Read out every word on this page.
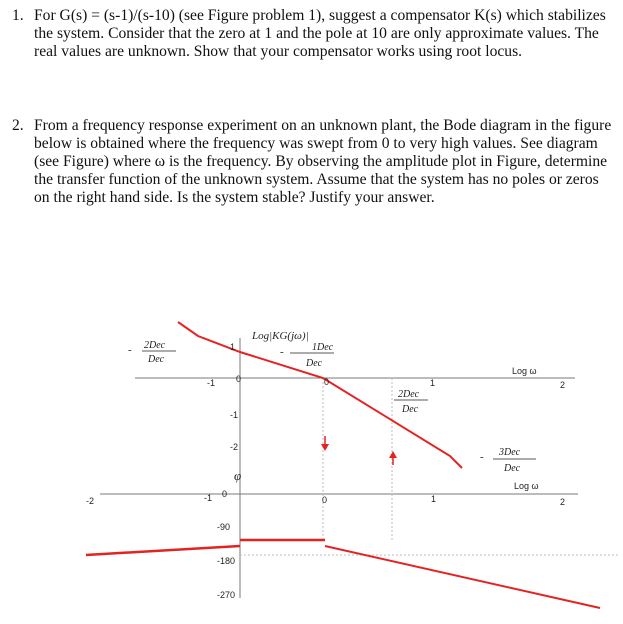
1. For G(s) = (s-1)/(s-10) (see Figure problem 1), suggest a compensator K(s) which stabilizes the system. Consider that the zero at 1 and the pole at 10 are only approximate values. The real values are unknown. Show that your compensator works using root locus.
2. From a frequency response experiment on an unknown plant, the Bode diagram in the figure below is obtained where the frequency was swept from 0 to very high values. See diagram (see Figure) where ω is the frequency. By observing the amplitude plot in Figure, determine the transfer function of the unknown system. Assume that the system has no poles or zeros on the right hand side. Is the system stable? Justify your answer.
Log|KG(jω)|
- 2Dec
Dec
-	1Dec
Dec
2Dec
Dec
- 3Dec
Dec
Log ω
-1	0	1	2
1
0
-1
-2
φ
Log ω
-2	-1	0	1	2
0
-90
-180
-270
